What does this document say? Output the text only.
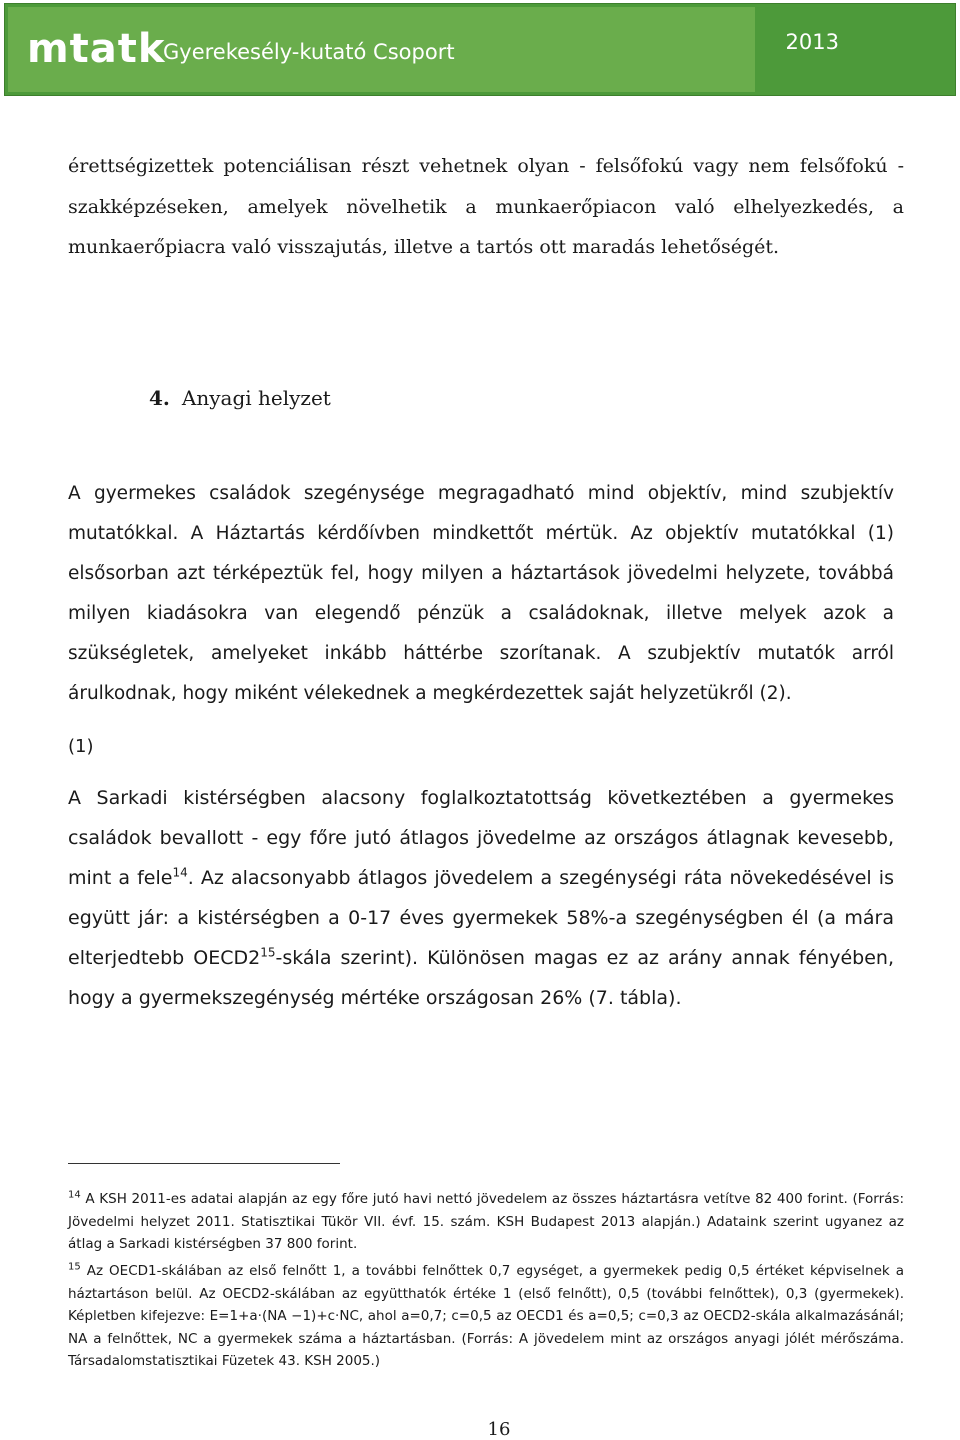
mtatk
Gyerekesély-kutató Csoport	2013

érettségizettek potenciálisan részt vehetnek olyan - felsőfokú vagy nem felsőfokú - szakképzéseken, amelyek növelhetik a munkaerőpiacon való elhelyezkedés, a munkaerőpiacra való visszajutás, illetve a tartós ott maradás lehetőségét.

4. Anyagi helyzet

A gyermekes családok szegénysége megragadható mind objektív, mind szubjektív mutatókkal. A Háztartás kérdőívben mindkettőt mértük. Az objektív mutatókkal (1) elsősorban azt térképeztük fel, hogy milyen a háztartások jövedelmi helyzete, továbbá milyen kiadásokra van elegendő pénzük a családoknak, illetve melyek azok a szükségletek, amelyeket inkább háttérbe szorítanak. A szubjektív mutatók arról árulkodnak, hogy miként vélekednek a megkérdezettek saját helyzetükről (2).

(1)

A Sarkadi kistérségben alacsony foglalkoztatottság következtében a gyermekes családok bevallott - egy főre jutó átlagos jövedelme az országos átlagnak kevesebb, mint a fele$^{14}$. Az alacsonyabb átlagos jövedelem a szegénységi ráta növekedésével is együtt jár: a kistérségben a 0-17 éves gyermekek 58%-a szegénységben él (a mára elterjedtebb $OECD2^{15}$-skála szerint). Különösen magas ez az arány annak fényében, hogy a gyermekszegénység mértéke országosan 26% (7. tábla).

$^{14}$ A KSH 2011-es adatai alapján az egy főre jutó havi nettó jövedelem az összes háztartásra vetítve 82 400 forint. (Forrás: Jövedelmi helyzet 2011. Statisztikai Tükör VII. évf. 15. szám. KSH Budapest 2013 alapján.) Adataink szerint ugyanez az átlag a Sarkadi kistérségben 37 800 forint.

$^{15}$ Az OECD1-skálában az első felnőtt 1, a további felnőttek 0,7 egységet, a gyermekek pedig 0,5 értéket képviselnek a háztartáson belül. Az OECD2-skálában az együtthatók értéke 1 (első felnőtt), 0,5 (további felnőttek), 0,3 (gyermekek). Képletben kifejezve: E=1+a·(NA −1)+c·NC, ahol a=0,7; c=0,5 az OECD1 és a=0,5; c=0,3 az OECD2-skála alkalmazásánál; NA a felnőttek, NC a gyermekek száma a háztartásban. (Forrás: A jövedelem mint az országos anyagi jólét mérőszáma. Társadalomstatisztikai Füzetek 43. KSH 2005.)

16
